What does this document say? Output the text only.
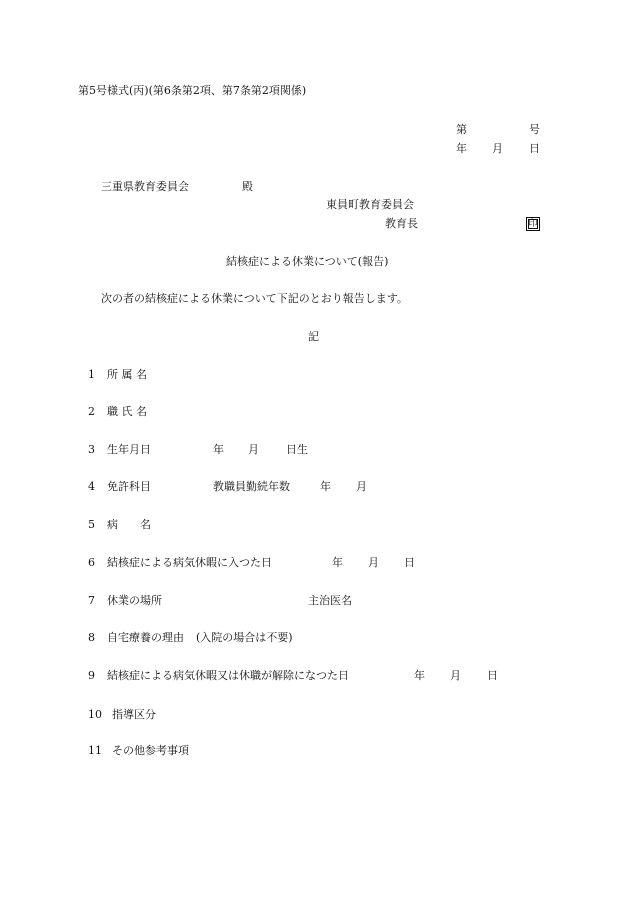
第5号様式(丙)(第6条第2項、第7条第2項関係)
第	号
年 月 日
三重県教育委員会	殿
東員町教育委員会
教育長	印
結核症による休業について(報告)
次の者の結核症による休業について下記のとおり報告します。
記
1 所 属 名
2 職 氏 名
3 生年月日	年 月 日生
4 免許科目	教職員勤続年数	年 月
5 病　　名
6 結核症による病気休暇に入つた日	年 月 日
7 休業の場所	主治医名
8 自宅療養の理由 (入院の場合は不要)
9 結核症による病気休暇又は休職が解除になつた日	年 月 日
10 指導区分
11 その他参考事項
